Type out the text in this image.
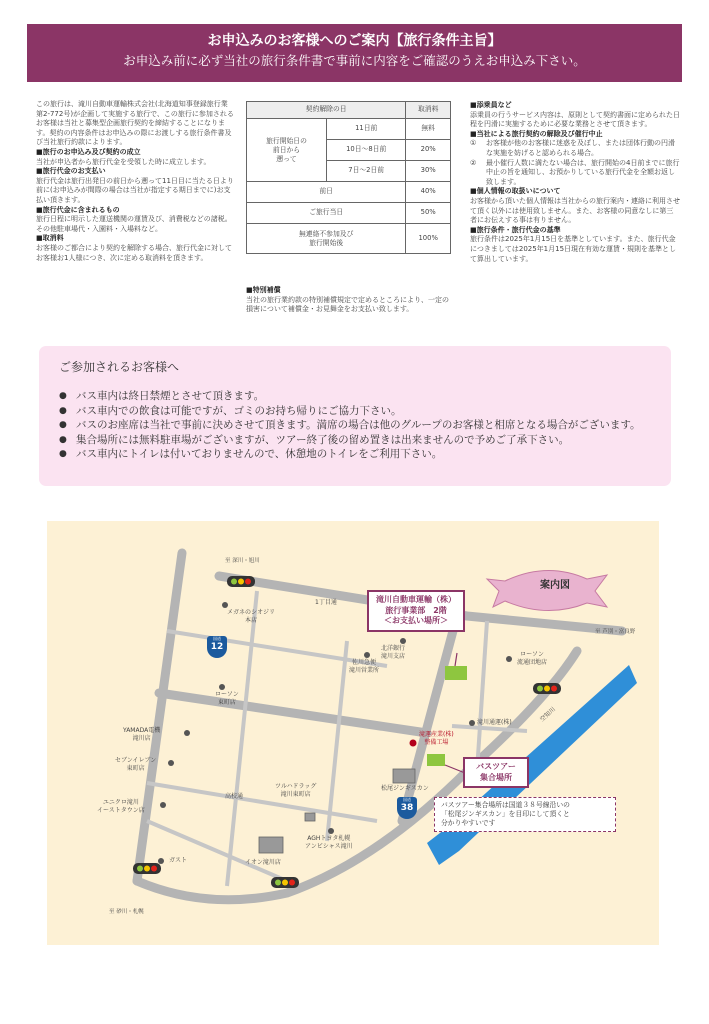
お申込みのお客様へのご案内【旅行条件主旨】
お申込み前に必ず当社の旅行条件書で事前に内容をご確認のうえお申込み下さい。

この旅行は、滝川自動車運輸株式会社(北海道知事登録旅行業第2-772号)が企画して実施する旅行で、この旅行に参加されるお客様は当社と募集型企画旅行契約を締結することになります。契約の内容条件はお申込みの際にお渡しする旅行条件書及び当社旅行約款によります。

■旅行のお申込み及び契約の成立

当社が申込者から旅行代金を受領した時に成立します。

■旅行代金のお支払い

旅行代金は旅行出発日の前日から遡って11日目に当たる日より前に(お申込みが間際の場合は当社が指定する期日までに)お支払い頂きます。

■旅行代金に含まれるもの

旅行日程に明示した運送機関の運賃及び、消費税などの諸税。その他駐車場代・入園料・入場料など。

■取消料

お客様のご都合により契約を解除する場合、旅行代金に対してお客様お1人様につき、次に定める取消料を頂きます。

契約解除の日		取消料
旅行開始日の
前日から
遡って	11日前	無料
	10日〜8日前	20%
	7日〜2日前	30%
前日		40%
ご旅行当日		50%
無連絡不参加及び
旅行開始後		100%
■特別補償

当社の旅行業約款の特別補償規定で定めるところにより、一定の損害について補償金・お見舞金をお支払い致します。

■添乗員など

添乗員の行うサービス内容は、原則として契約書面に定められた日程を円滑に実施するために必要な業務とさせて頂きます。

■当社による旅行契約の解除及び催行中止
①	お客様が他のお客様に迷惑を及ぼし、または団体行動の円滑な実施を妨げると認められる場合。

②	最小催行人数に満たない場合は、旅行開始の4日前までに旅行中止の旨を通知し、お預かりしている旅行代金を全額お返し致します。

■個人情報の取扱いについて

お客様から頂いた個人情報は当社からの旅行案内・連絡に利用させて頂く以外には使用致しません。また、お客様の同意なしに第三者にお伝えする事は有りません。

■旅行条件・旅行代金の基準

旅行条件は2025年1月15日を基準としています。また、旅行代金につきましては2025年1月15日現在有効な運賃・規則を基準として算出しています。

ご参加されるお客様へ
● バス車内は終日禁煙とさせて頂きます。
● バス車内での飲食は可能ですが、ゴミのお持ち帰りにご協力下さい。
● バスのお座席は当社で事前に決めさせて頂きます。満席の場合は他のグループのお客様と相席となる場合がございます。
● 集合場所には無料駐車場がございますが、ツアー終了後の留め置きは出来ませんので予めご了承下さい。
● バス車内にトイレは付いておりませんので、休憩地のトイレをご利用下さい。
案内図
至 深川・旭川
至 芦別・富良野
至 砂川・札幌
国道
12
国道
38
1丁目通
高校通
空知川
メガネのシオジリ
本店
北洋銀行
滝川支店
佐川急便
滝川営業所
ローソン
東町店
ローソン
流通団地店
YAMADA電機
滝川店
セブンイレブン
東町店
ユニクロ滝川
イーストタウン店
ガスト
ツルハドラッグ
滝川東町店
イオン滝川店
AGHトヨタ札幌
アンビシャス滝川
松尾ジンギスカン
滝川通運(株)
滝運産業(株)
整備工場
滝川自動車運輸（株）
旅行事業部　2階
＜お支払い場所＞
バスツアー
集合場所
バスツアー集合場所は国道３８号線沿いの
「松尾ジンギスカン」を目印にして頂くと
分かりやすいです
